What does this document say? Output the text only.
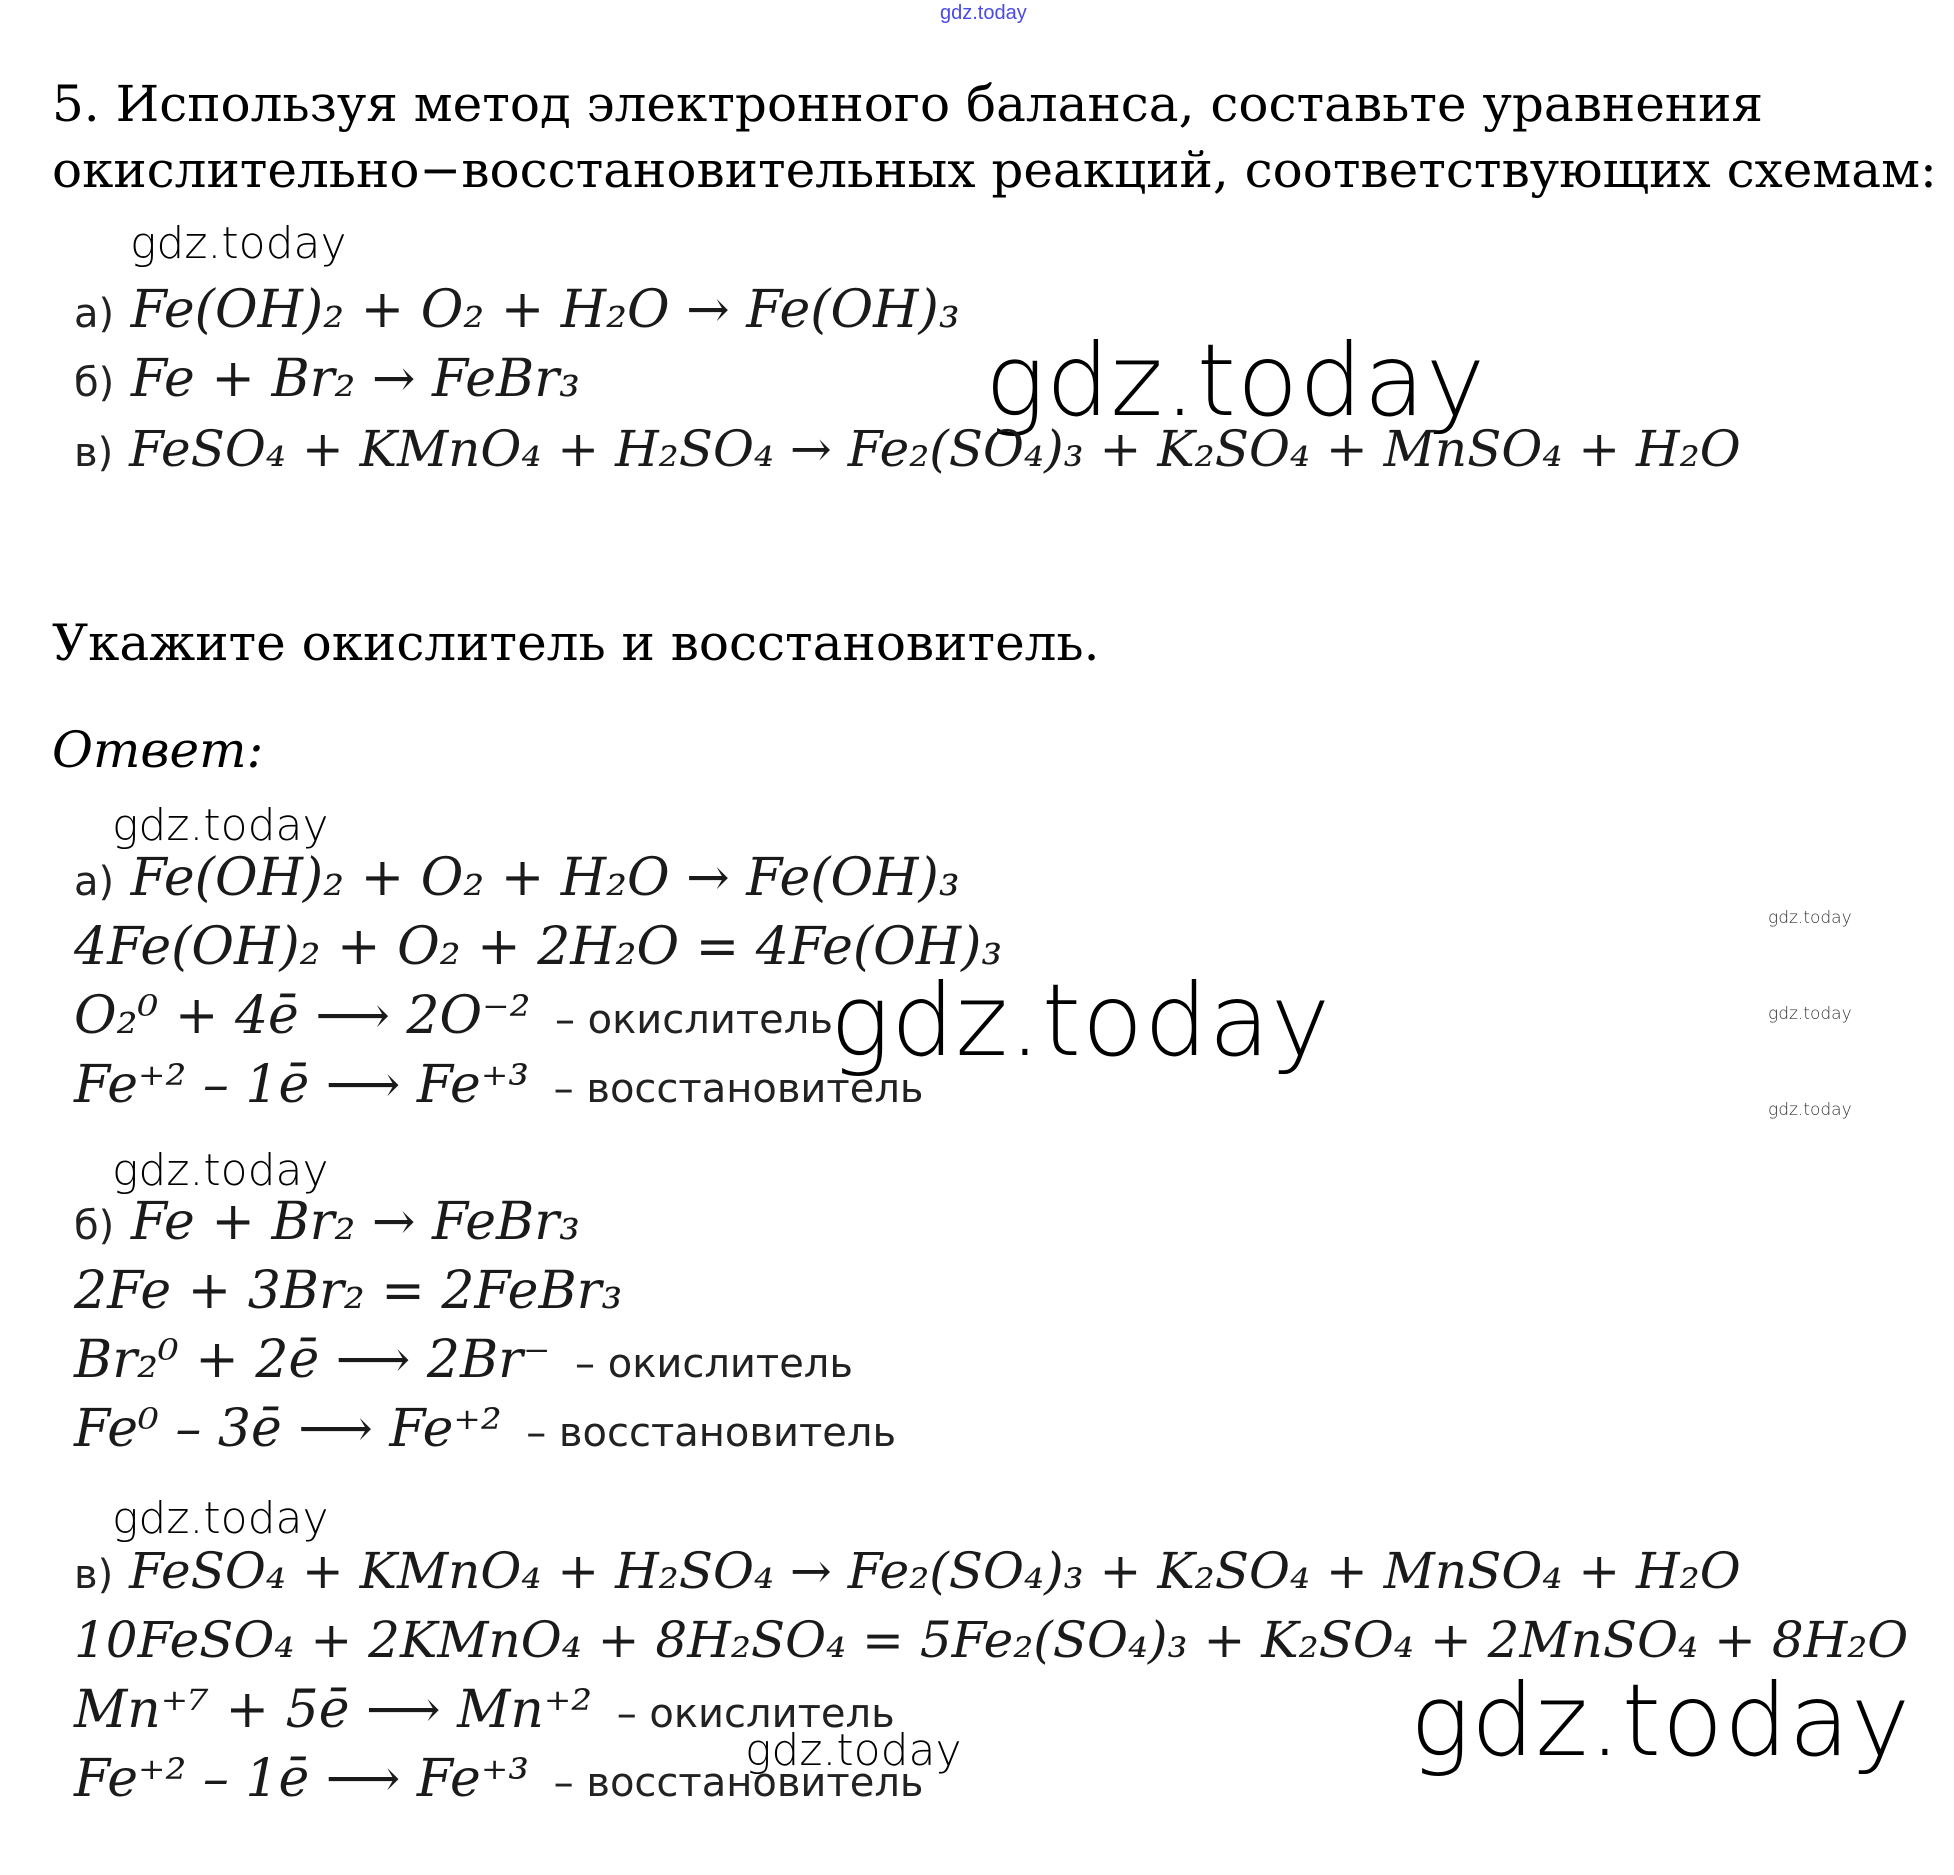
gdz.today

5. Используя метод электронного баланса, составьте уравнения
окислительно−восстановительных реакций, соответствующих схемам:

gdz.today
а) Fe(OH)₂ + O₂ + H₂O → Fe(OH)₃
б) Fe + Br₂ → FeBr₃	gdz.today
в) FeSO₄ + KMnO₄ + H₂SO₄ → Fe₂(SO₄)₃ + K₂SO₄ + MnSO₄ + H₂O

Укажите окислитель и восстановитель.

Ответ:

gdz.today
а) Fe(OH)₂ + O₂ + H₂O → Fe(OH)₃
4Fe(OH)₂ + O₂ + 2H₂O = 4Fe(OH)₃
O₂⁰ + 4ē ⟶ 2O⁻² – окислитель
gdz.today
Fe⁺² – 1ē ⟶ Fe⁺³ – восстановитель
gdz.today
gdz.today
gdz.today
gdz.today
б) Fe + Br₂ → FeBr₃
2Fe + 3Br₂ = 2FeBr₃
Br₂⁰ + 2ē ⟶ 2Br⁻ – окислитель
Fe⁰ – 3ē ⟶ Fe⁺² – восстановитель
gdz.today
в) FeSO₄ + KMnO₄ + H₂SO₄ → Fe₂(SO₄)₃ + K₂SO₄ + MnSO₄ + H₂O
10FeSO₄ + 2KMnO₄ + 8H₂SO₄ = 5Fe₂(SO₄)₃ + K₂SO₄ + 2MnSO₄ + 8H₂O
Mn⁺⁷ + 5ē ⟶ Mn⁺² – окислитель	gdz.today
gdz.today
Fe⁺² – 1ē ⟶ Fe⁺³ – восстановитель
